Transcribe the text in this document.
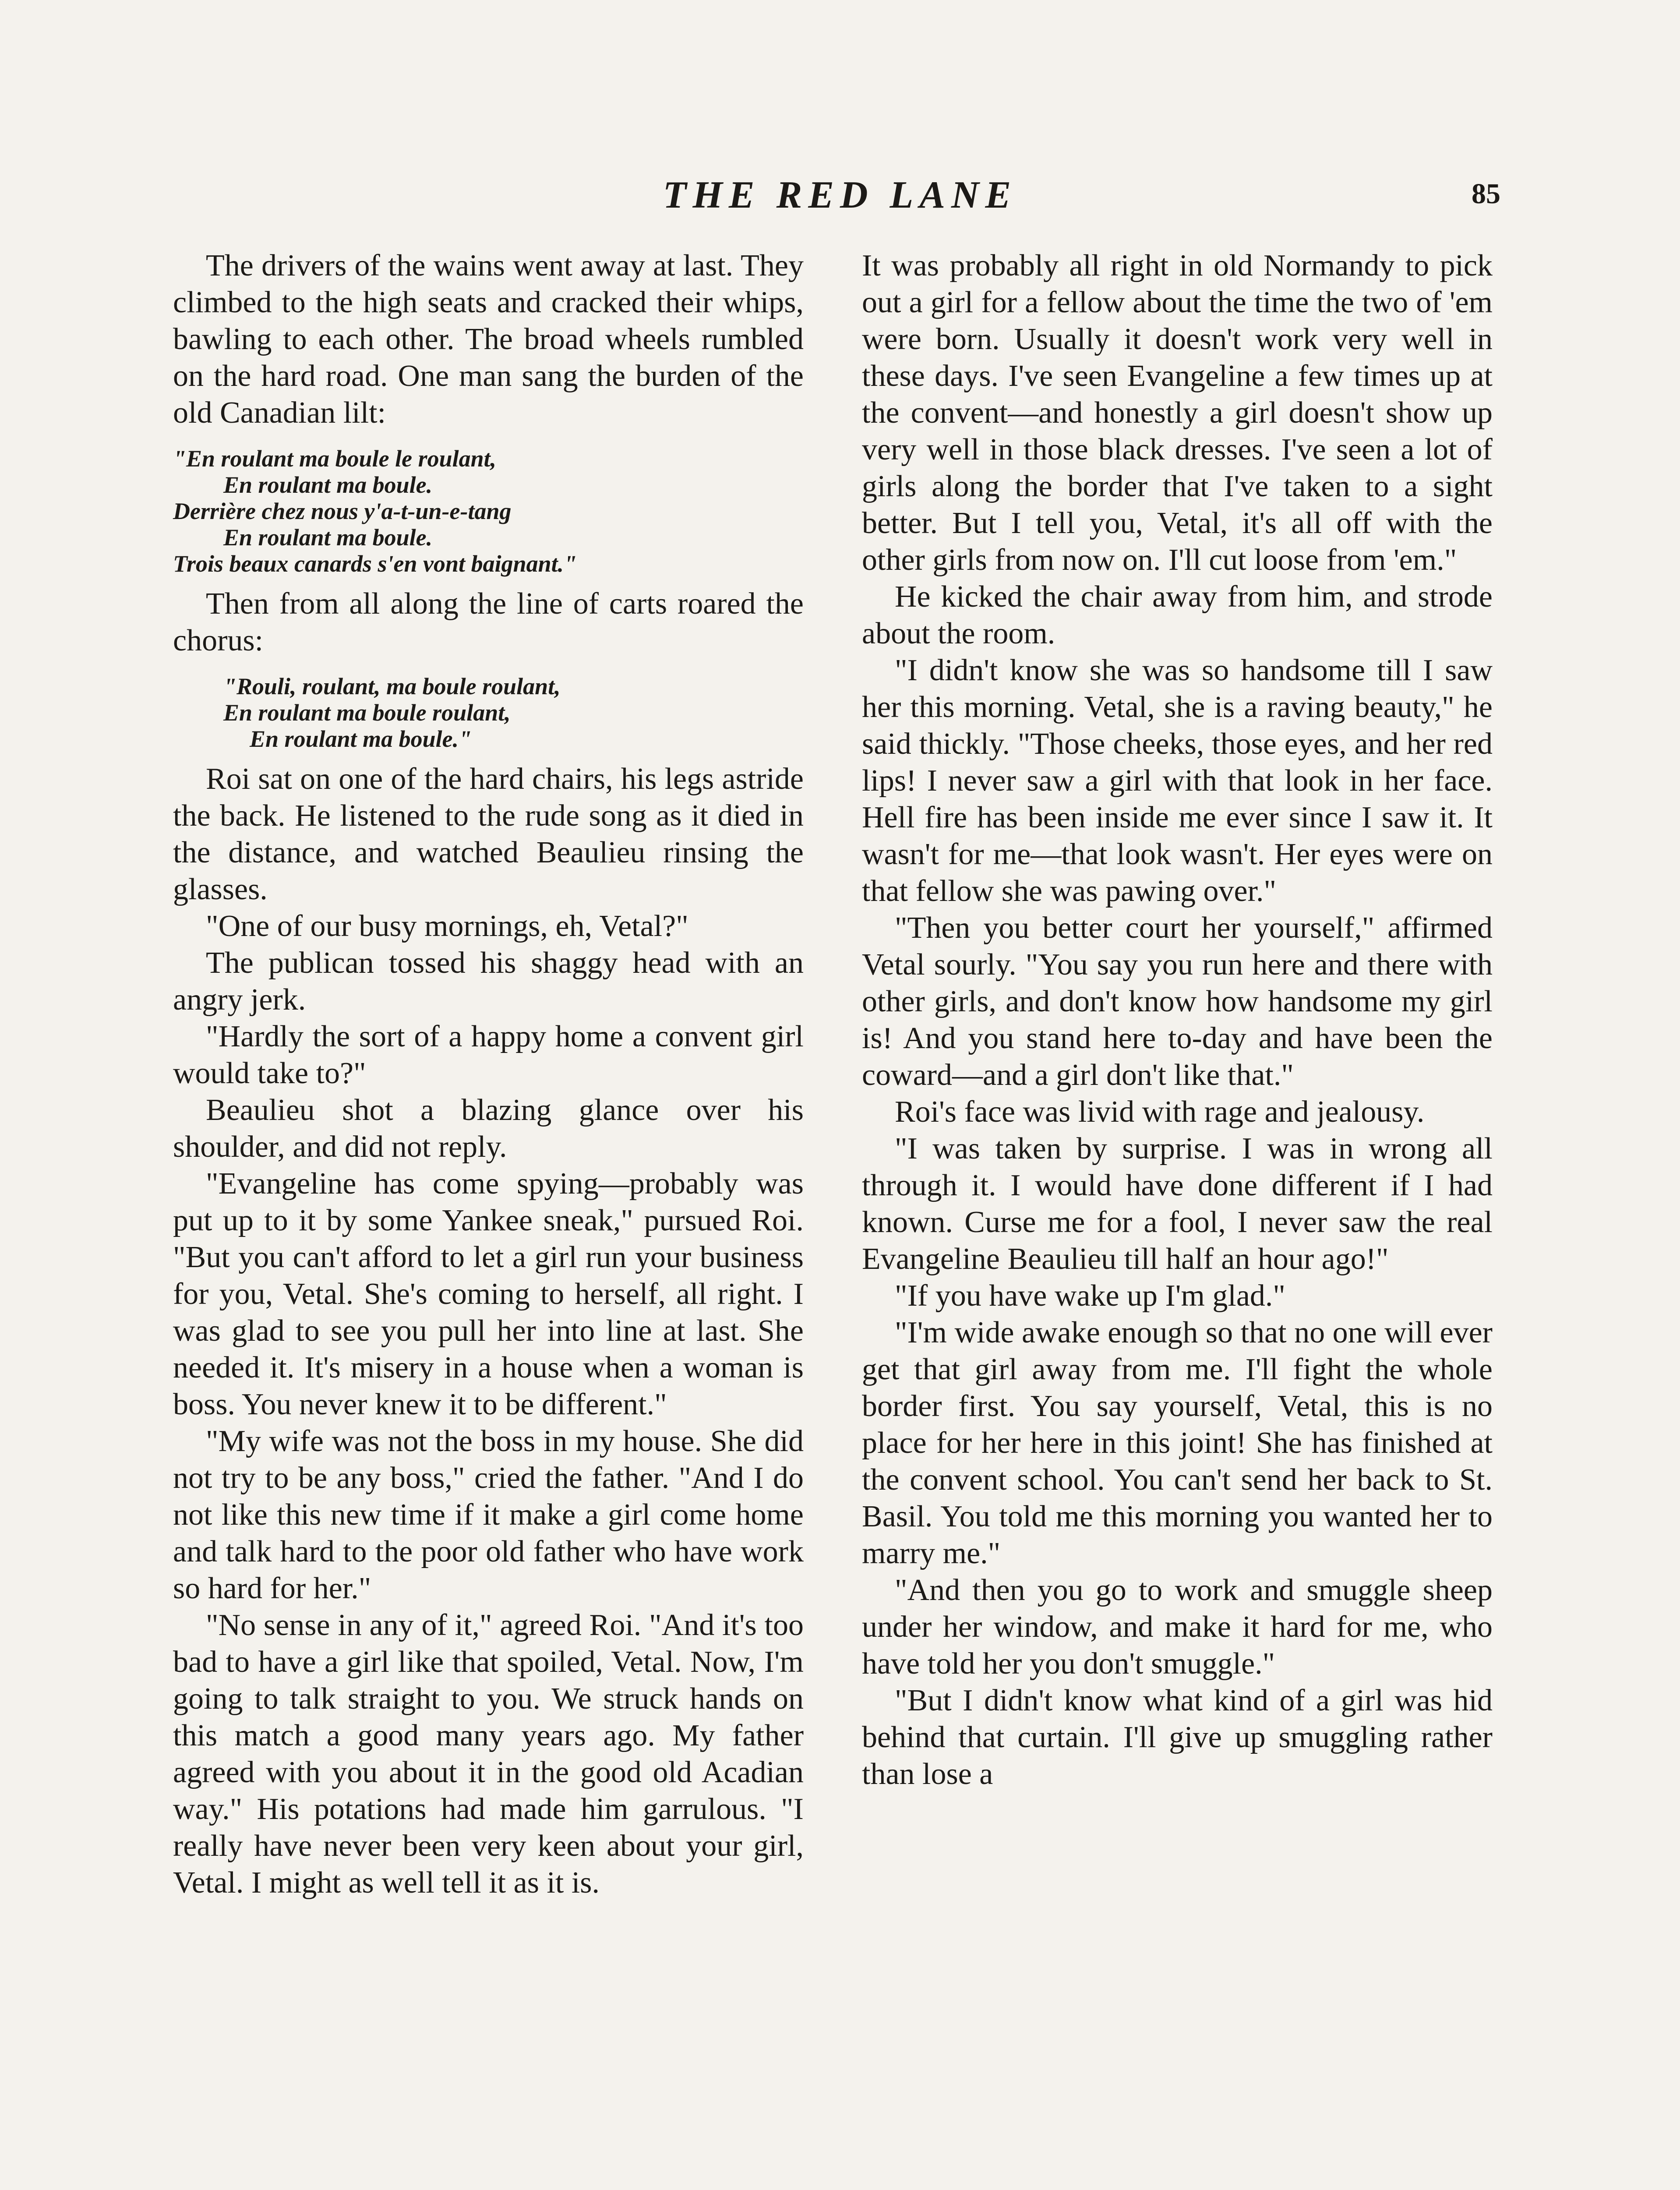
THE RED LANE	85

The drivers of the wains went away at last. They climbed to the high seats and cracked their whips, bawling to each other. The broad wheels rumbled on the hard road. One man sang the burden of the old Canadian lilt:

"En roulant ma boule le roulant,
En roulant ma boule.
Derrière chez nous y'a-t-un-e-tang
En roulant ma boule.
Trois beaux canards s'en vont baignant."

Then from all along the line of carts roared the chorus:

"Rouli, roulant, ma boule roulant,
En roulant ma boule roulant,
En roulant ma boule."

Roi sat on one of the hard chairs, his legs astride the back. He listened to the rude song as it died in the distance, and watched Beaulieu rinsing the glasses.

"One of our busy mornings, eh, Vetal?"

The publican tossed his shaggy head with an angry jerk.

"Hardly the sort of a happy home a convent girl would take to?"

Beaulieu shot a blazing glance over his shoulder, and did not reply.

"Evangeline has come spying—probably was put up to it by some Yankee sneak," pursued Roi. "But you can't afford to let a girl run your business for you, Vetal. She's coming to herself, all right. I was glad to see you pull her into line at last. She needed it. It's misery in a house when a woman is boss. You never knew it to be different."

"My wife was not the boss in my house. She did not try to be any boss," cried the father. "And I do not like this new time if it make a girl come home and talk hard to the poor old father who have work so hard for her."

"No sense in any of it," agreed Roi. "And it's too bad to have a girl like that spoiled, Vetal. Now, I'm going to talk straight to you. We struck hands on this match a good many years ago. My father agreed with you about it in the good old Acadian way." His potations had made him garrulous. "I really have never been very keen about your girl, Vetal. I might as well tell it as it is.

It was probably all right in old Normandy to pick out a girl for a fellow about the time the two of 'em were born. Usually it doesn't work very well in these days. I've seen Evangeline a few times up at the convent—and honestly a girl doesn't show up very well in those black dresses. I've seen a lot of girls along the border that I've taken to a sight better. But I tell you, Vetal, it's all off with the other girls from now on. I'll cut loose from 'em."

He kicked the chair away from him, and strode about the room.

"I didn't know she was so handsome till I saw her this morning. Vetal, she is a raving beauty," he said thickly. "Those cheeks, those eyes, and her red lips! I never saw a girl with that look in her face. Hell fire has been inside me ever since I saw it. It wasn't for me—that look wasn't. Her eyes were on that fellow she was pawing over."

"Then you better court her yourself," affirmed Vetal sourly. "You say you run here and there with other girls, and don't know how handsome my girl is! And you stand here to-day and have been the coward—and a girl don't like that."

Roi's face was livid with rage and jealousy.

"I was taken by surprise. I was in wrong all through it. I would have done different if I had known. Curse me for a fool, I never saw the real Evangeline Beaulieu till half an hour ago!"

"If you have wake up I'm glad."

"I'm wide awake enough so that no one will ever get that girl away from me. I'll fight the whole border first. You say yourself, Vetal, this is no place for her here in this joint! She has finished at the convent school. You can't send her back to St. Basil. You told me this morning you wanted her to marry me."

"And then you go to work and smuggle sheep under her window, and make it hard for me, who have told her you don't smuggle."

"But I didn't know what kind of a girl was hid behind that curtain. I'll give up smuggling rather than lose a
